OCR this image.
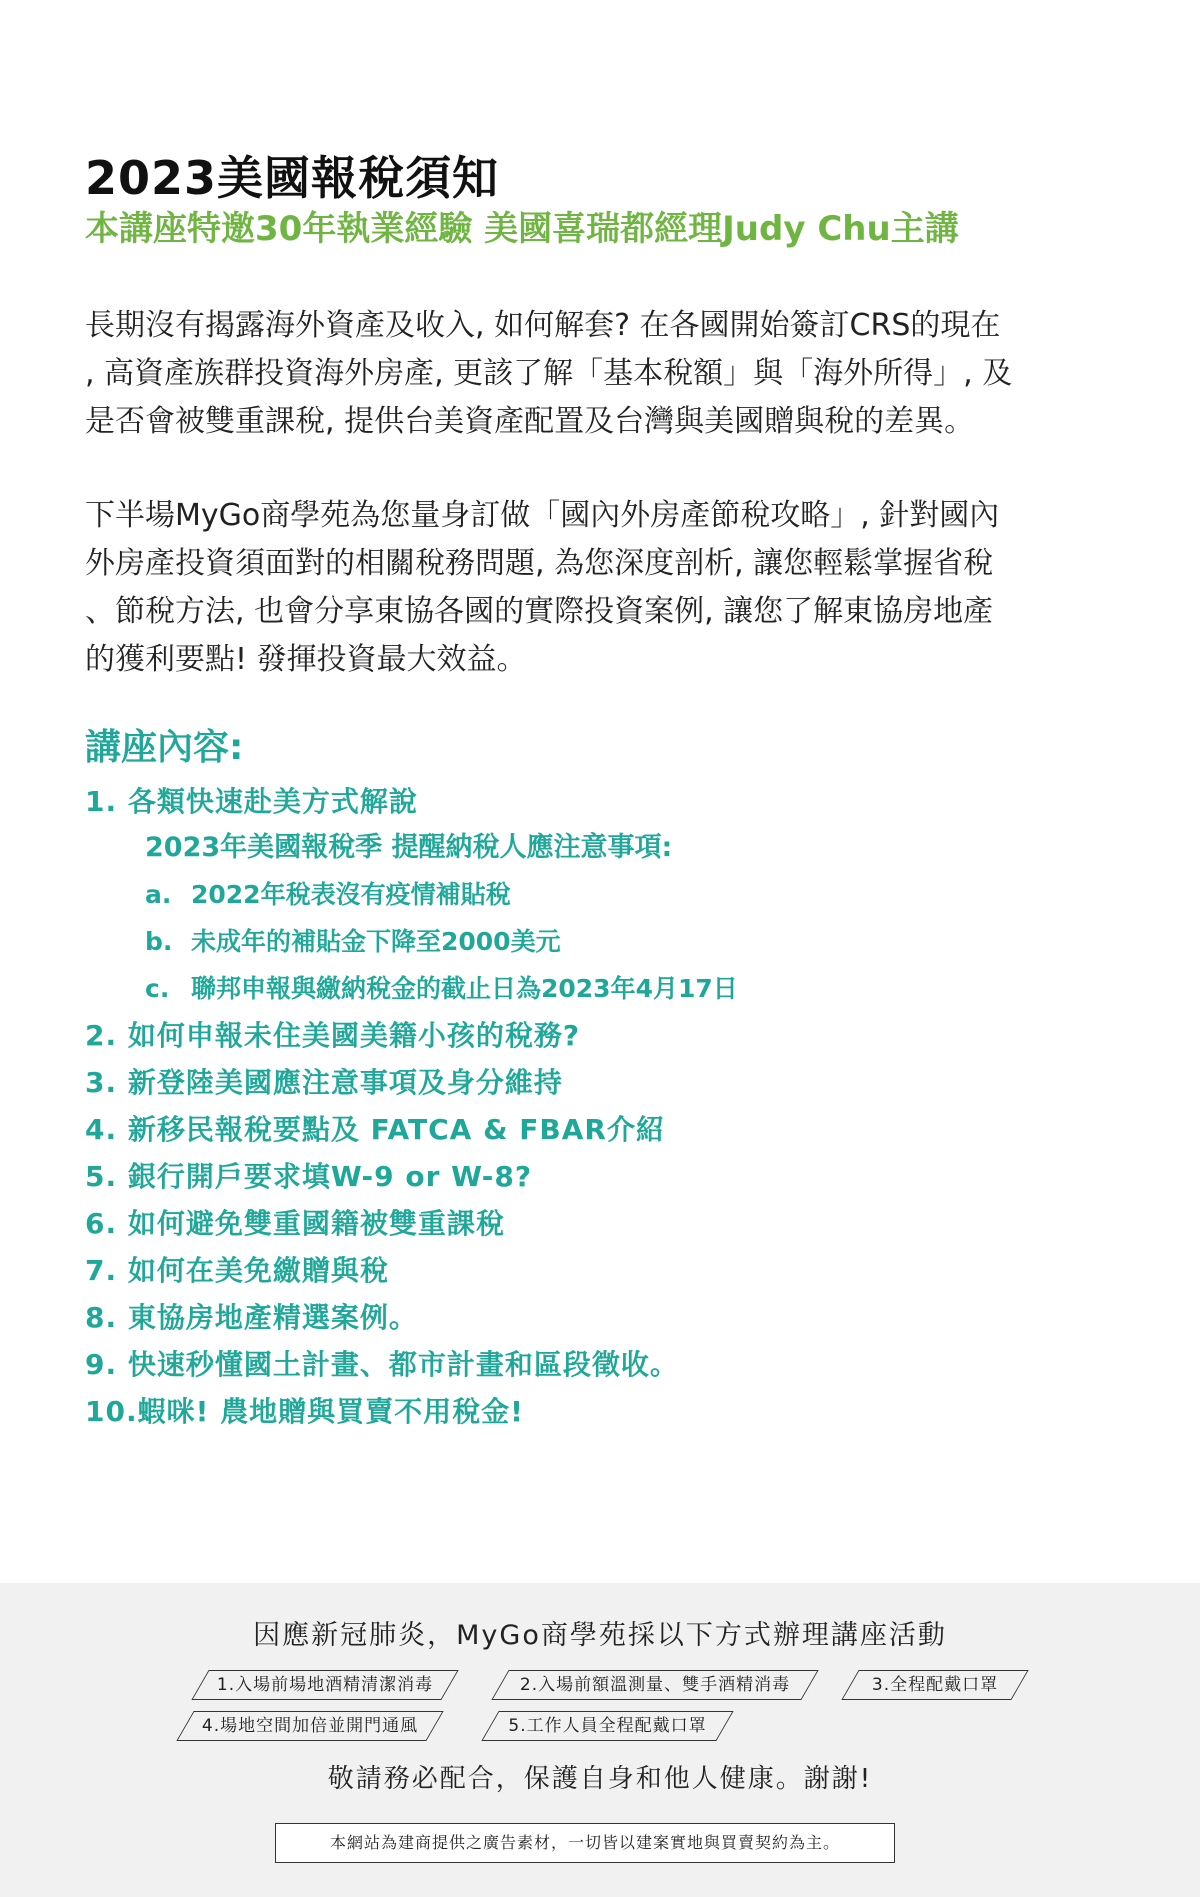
2023美國報稅須知
本講座特邀30年執業經驗 美國喜瑞都經理Judy Chu主講
長期沒有揭露海外資產及收入, 如何解套? 在各國開始簽訂CRS的現在
, 高資產族群投資海外房產, 更該了解「基本稅額」與「海外所得」, 及
是否會被雙重課稅, 提供台美資產配置及台灣與美國贈與稅的差異。
下半場MyGo商學苑為您量身訂做「國內外房產節稅攻略」, 針對國內
外房產投資須面對的相關稅務問題, 為您深度剖析, 讓您輕鬆掌握省稅
、節稅方法, 也會分享東協各國的實際投資案例, 讓您了解東協房地產
的獲利要點! 發揮投資最大效益。
講座內容:
1. 各類快速赴美方式解說
2023年美國報稅季 提醒納稅人應注意事項:
a. 2022年稅表沒有疫情補貼稅
b. 未成年的補貼金下降至2000美元
c. 聯邦申報與繳納稅金的截止日為2023年4月17日
2. 如何申報未住美國美籍小孩的稅務?
3. 新登陸美國應注意事項及身分維持
4. 新移民報稅要點及 FATCA & FBAR介紹
5. 銀行開戶要求填W-9 or W-8?
6. 如何避免雙重國籍被雙重課稅
7. 如何在美免繳贈與稅
8. 東協房地產精選案例。
9. 快速秒懂國土計畫、都市計畫和區段徵收。
10.蝦咪! 農地贈與買賣不用稅金!
因應新冠肺炎，MyGo商學苑採以下方式辦理講座活動
1.入場前場地酒精清潔消毒	2.入場前額溫測量、雙手酒精消毒	3.全程配戴口罩
4.場地空間加倍並開門通風	5.工作人員全程配戴口罩
敬請務必配合，保護自身和他人健康。謝謝!
本網站為建商提供之廣告素材，一切皆以建案實地與買賣契約為主。
